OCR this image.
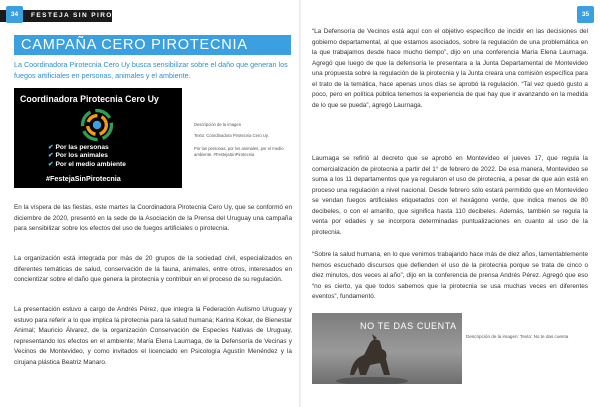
34	FESTEJA SIN PIROTECNIA	35
CAMPAÑA CERO PIROTECNIA
La Coordinadora Pirotecnia Cero Uy busca sensibilizar sobre el daño que generan los fuegos artificiales en personas, animales y el ambiente.
Coordinadora Pirotecnia Cero Uy
✔ Por las personas
✔ Por los animales
✔ Por el medio ambiente
#FestejaSinPirotecnia
Descripción de la imagen
Texto: Coordinadora Pirotecnia Cero Uy.
Por las personas, por los animales, por el medio ambiente. #FestejaSinPirotecnia

En la víspera de las fiestas, este martes la Coordinadora Pirotecnia Cero Uy, que se conformó en diciembre de 2020, presentó en la sede de la Asociación de la Prensa del Uruguay una campaña para sensibilizar sobre los efectos del uso de fuegos artificiales o pirotecnia.

La organización está integrada por más de 20 grupos de la sociedad civil, especializados en diferentes temáticas de salud, conservación de la fauna, animales, entre otros, interesados en concientizar sobre el daño que genera la pirotecnia y contribuir en el proceso de su regulación.

La presentación estuvo a cargo de Andrés Pérez, que integra la Federación Autismo Uruguay y estuvo para referir a lo que implica la pirotecnia para la salud humana; Karina Kokar, de Bienestar Animal; Mauricio Álvarez, de la organización Conservación de Especies Nativas de Uruguay, representando los efectos en el ambiente; María Elena Laurnaga, de la Defensoría de Vecinas y Vecinos de Montevideo, y como invitados el licenciado en Psicología Agustín Menéndez y la cirujana plástica Beatriz Manaro.

“La Defensoría de Vecinos está aquí con el objetivo específico de incidir en las decisiones del gobierno departamental, al que estamos asociados, sobre la regulación de una problemática en la que trabajamos desde hace mucho tiempo”, dijo en una conferencia María Elena Laurnaga. Agregó que luego de que la defensoría le presentara a la Junta Departamental de Montevideo una propuesta sobre la regulación de la pirotecnia y la Junta creara una comisión específica para el trato de la temática, hace apenas unos días se aprobó la regulación. “Tal vez quedó gusto a poco, pero en política pública tenemos la experiencia de que hay que ir avanzando en la medida de lo que se pueda”, agregó Laurnaga.

Laurnaga se refirió al decreto que se aprobó en Montevideo el jueves 17, que regula la comercialización de pirotecnia a partir del 1° de febrero de 2022. De esa manera, Montevideo se suma a los 11 departamentos que ya regularon el uso de pirotecnia, a pesar de que aún está en proceso una regulación a nivel nacional. Desde febrero sólo estará permitido que en Montevideo se vendan fuegos artificiales etiquetados con el hexágono verde, que indica menos de 80 decibeles, o con el amarillo, que significa hasta 110 decibeles. Además, también se regula la venta por edades y se incorpora determinadas puntualizaciones en cuanto al uso de la pirotecnia.

“Sobre la salud humana, en lo que venimos trabajando hace más de diez años, lamentablemente hemos escuchado discursos que defienden el uso de la pirotecnia porque se trata de cinco o diez minutos, dos veces al año”, dijo en la conferencia de prensa Andrés Pérez. Agregó que eso “no es cierto, ya que todos sabemos que la pirotecnia se usa muchas veces en diferentes eventos”, fundamentó.

NO TE DAS CUENTA
Descripción de la imagen: Texto: No te das cuenta
